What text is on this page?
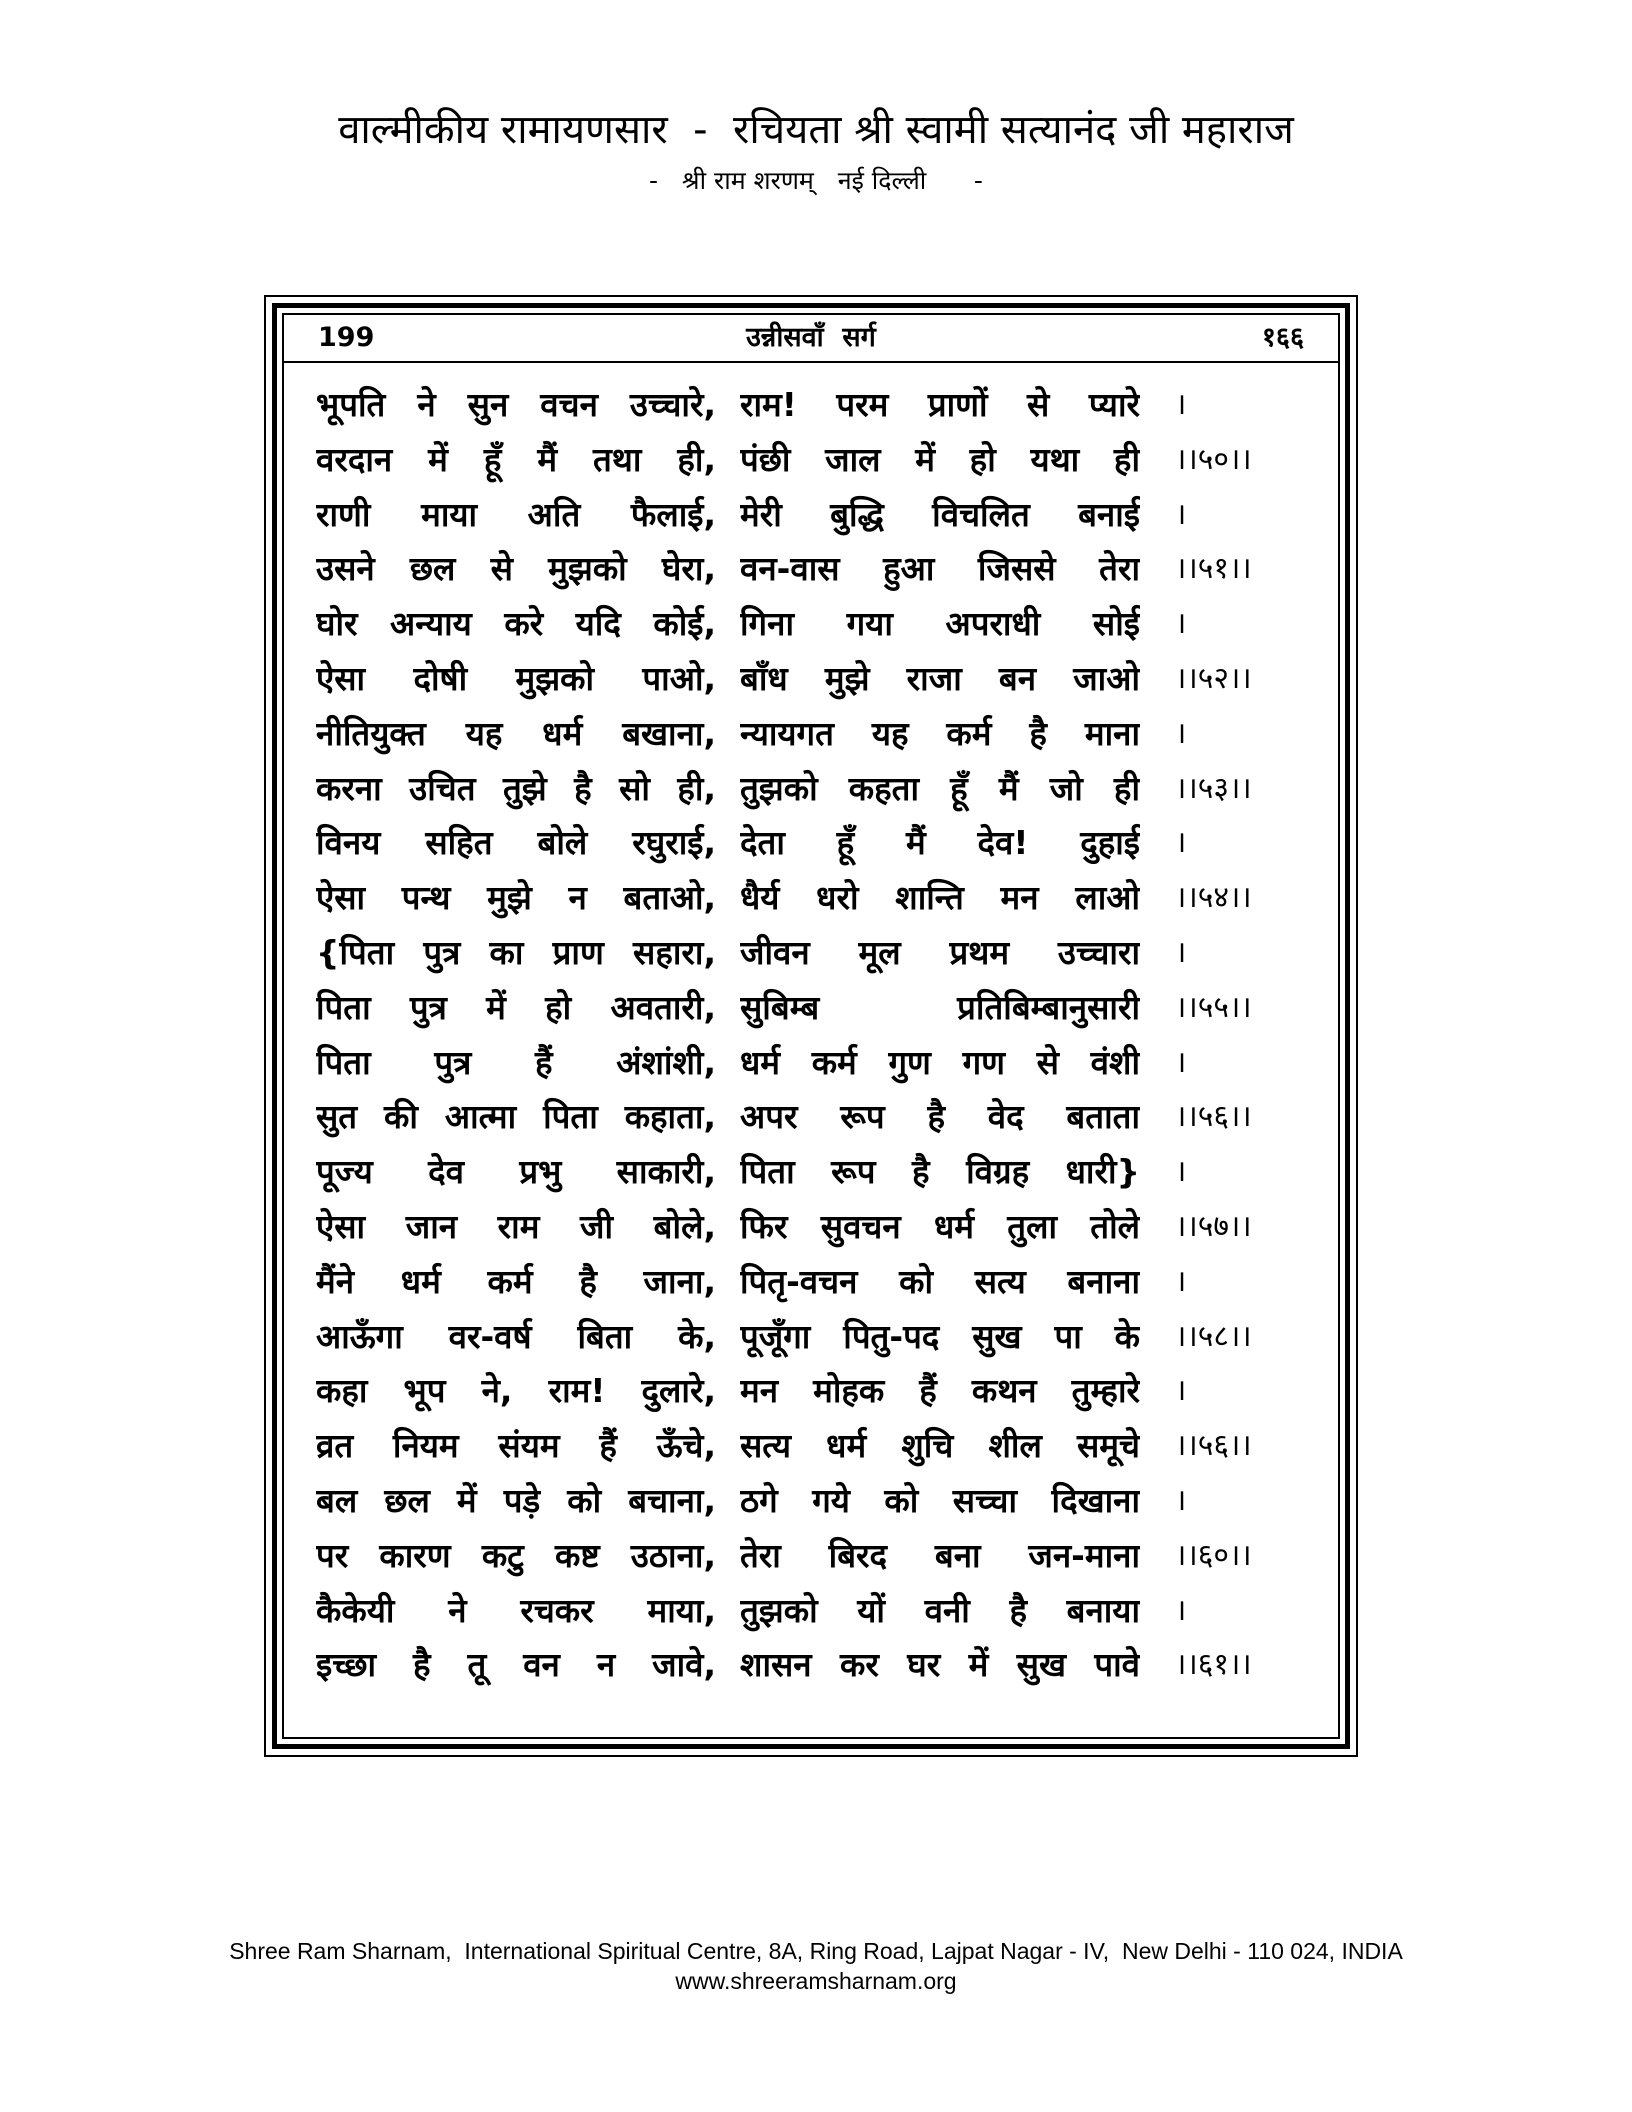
वाल्मीकीय रामायणसार  -  रचियता श्री स्वामी सत्यानंद जी महाराज
-   श्री राम शरणम्   नई दिल्ली      -
199	उन्नीसवाँ  सर्ग	१६६
भूपति ने सुन वचन उच्चारे, राम! परम प्राणों से प्यारे ।
वरदान में हूँ मैं तथा ही, पंछी जाल में हो यथा ही ।।५०।।
राणी माया अति फैलाई, मेरी बुद्धि विचलित बनाई ।
उसने छल से मुझको घेरा, वन-वास हुआ जिससे तेरा ।।५१।।
घोर अन्याय करे यदि कोई, गिना गया अपराधी सोई ।
ऐसा दोषी मुझको पाओ, बाँध मुझे राजा बन जाओ ।।५२।।
नीतियुक्त यह धर्म बखाना, न्यायगत यह कर्म है माना ।
करना उचित तुझे है सो ही, तुझको कहता हूँ मैं जो ही ।।५३।।
विनय सहित बोले रघुराई, देता हूँ मैं देव! दुहाई ।
ऐसा पन्थ मुझे न बताओ, धैर्य धरो शान्ति मन लाओ ।।५४।।
{पिता पुत्र का प्राण सहारा, जीवन मूल प्रथम उच्चारा ।
पिता पुत्र में हो अवतारी, सुबिम्ब प्रतिबिम्बानुसारी ।।५५।।
पिता पुत्र हैं अंशांशी, धर्म कर्म गुण गण से वंशी ।
सुत की आत्मा पिता कहाता, अपर रूप है वेद बताता ।।५६।।
पूज्य देव प्रभु साकारी, पिता रूप है विग्रह धारी} ।
ऐसा जान राम जी बोले, फिर सुवचन धर्म तुला तोले ।।५७।।
मैंने धर्म कर्म है जाना, पितृ-वचन को सत्य बनाना ।
आऊँगा वर-वर्ष बिता के, पूजूँगा पितु-पद सुख पा के ।।५८।।
कहा भूप ने, राम! दुलारे, मन मोहक हैं कथन तुम्हारे ।
व्रत नियम संयम हैं ऊँचे, सत्य धर्म शुचि शील समूचे ।।५६।।
बल छल में पड़े को बचाना, ठगे गये को सच्चा दिखाना ।
पर कारण कटु कष्ट उठाना, तेरा बिरद बना जन-माना ।।६०।।
कैकेयी ने रचकर माया, तुझको यों वनी है बनाया ।
इच्छा है तू वन न जावे, शासन कर घर में सुख पावे ।।६१।।
Shree Ram Sharnam,  International Spiritual Centre, 8A, Ring Road, Lajpat Nagar - IV,  New Delhi - 110 024, INDIA
www.shreeramsharnam.org
